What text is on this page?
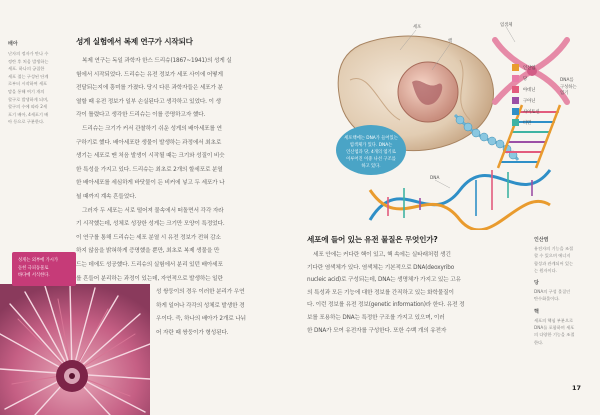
배아
난자의 정자가 만나 수
정란 후 처음 발생하는
세포. 하나의 궁집한
세포 접는 구성된 단계
로부터 시작하여 세포
맘을 통해 여기 개의
할구로 발생하게 되며,
할구의 수에 따라 2세
포기 배아, 4세포기 배
아 등으로 구분한다.
성게 실험에서 복제 연구가 시작되다

복제 연구는 독일 과학자 한스 드리슈(1867~1941)의 성게 실

험에서 시작되었다. 드리슈는 유전 정보가 세포 사이에 어떻게

전달되는지에 흥미를 가졌다. 당시 다른 과학자들은 세포가 분

열할 때 유전 정보가 일부 손실된다고 생각하고 있었다. 이 생

각이 틀렸다고 생각한 드리슈는 이를 증명하고자 했다.

드리슈는 크기가 커서 관찰하기 쉬운 성게의 배아세포를 연

구하기로 했다. 배아세포란 생물이 발생하는 과정에서 최초로

생기는 세포로 맨 처음 발생이 시작될 때는 크기와 성질이 비슷

한 특성을 가지고 있다. 드리슈는 최초로 2개의 할세포로 분열

한 배아세포를 세심하게 바닷물이 든 비커에 넣고 두 세포가 나

뉠 때까지 계속 흔들었다.

그러자 두 세포는 서로 떨어져 물속에서 떠돌면서 각각 자라

기 시작했는데, 성체로 성장한 성게는 크기만 모양이 특정었다.

이 연구를 통해 드리슈는 세포 분열 시 유전 정보가 전혀 감소

하지 않음을 밝혀하게 증명했을 뿐만, 최초로 복제 생물을 만

드는 데에도 성공했다. 드리슈의 실험에서 분리 있던 배아세포

를 흔들어 분리하는 과정이 있는데, 자연적으로 발생하는 일란

성 쌍둥이의 경우 이러한 분리가 우연

하게 일어나 각각의 성체로 발생한 경

우이다. 즉, 하나의 배아가 2개로 나뉘

어 자란 때 쌍둥이가 형성된다.

성게는 외부에 가시가
돋힌 극피동물로
바다에 서식한다.
세포
핵
염색체
DNA
세포핵에는 DNA가 들어있는
염색체가 있다. DNA는
인산염과 당, 4개의 염기로
이루어진 이중 나선 구조를
하고 있다.
인산염
당
아데닌
구아닌
사이토신
티민
DNA를
구성하는
염기
세포에 들어 있는 유전 물질은 무엇인가?

세포 안에는 커다란 핵이 있고, 핵 속에는 실타래처럼 생긴

기다란 염색체가 있다. 염색체는 기본적으로 DNA(deoxyribo

nucleic acid)로 구성되는데, DNA는 생명체가 가지고 있는 고유

의 특성과 모든 기능에 대한 정보를 간직하고 있는 화학물질이

다. 이런 정보를 유전 정보(genetic information)라 한다. 유전 정

보를 포용하는 DNA는 특정한 구조를 가지고 있으며, 이러

한 DNA가 모여 유전자를 구성한다. 또한 수백 개의 유전자

인산염
유전자의 기능을 조절
할 수 있으며 에너지
합성과 관계되어 있는
는 원자이다.
당
DNA의 구성 물질인
탄수화물이다.
핵
세포의 핵심 부분으로
DNA를 포함하며 세포
의 다양한 기능을 조절
한다.
17
